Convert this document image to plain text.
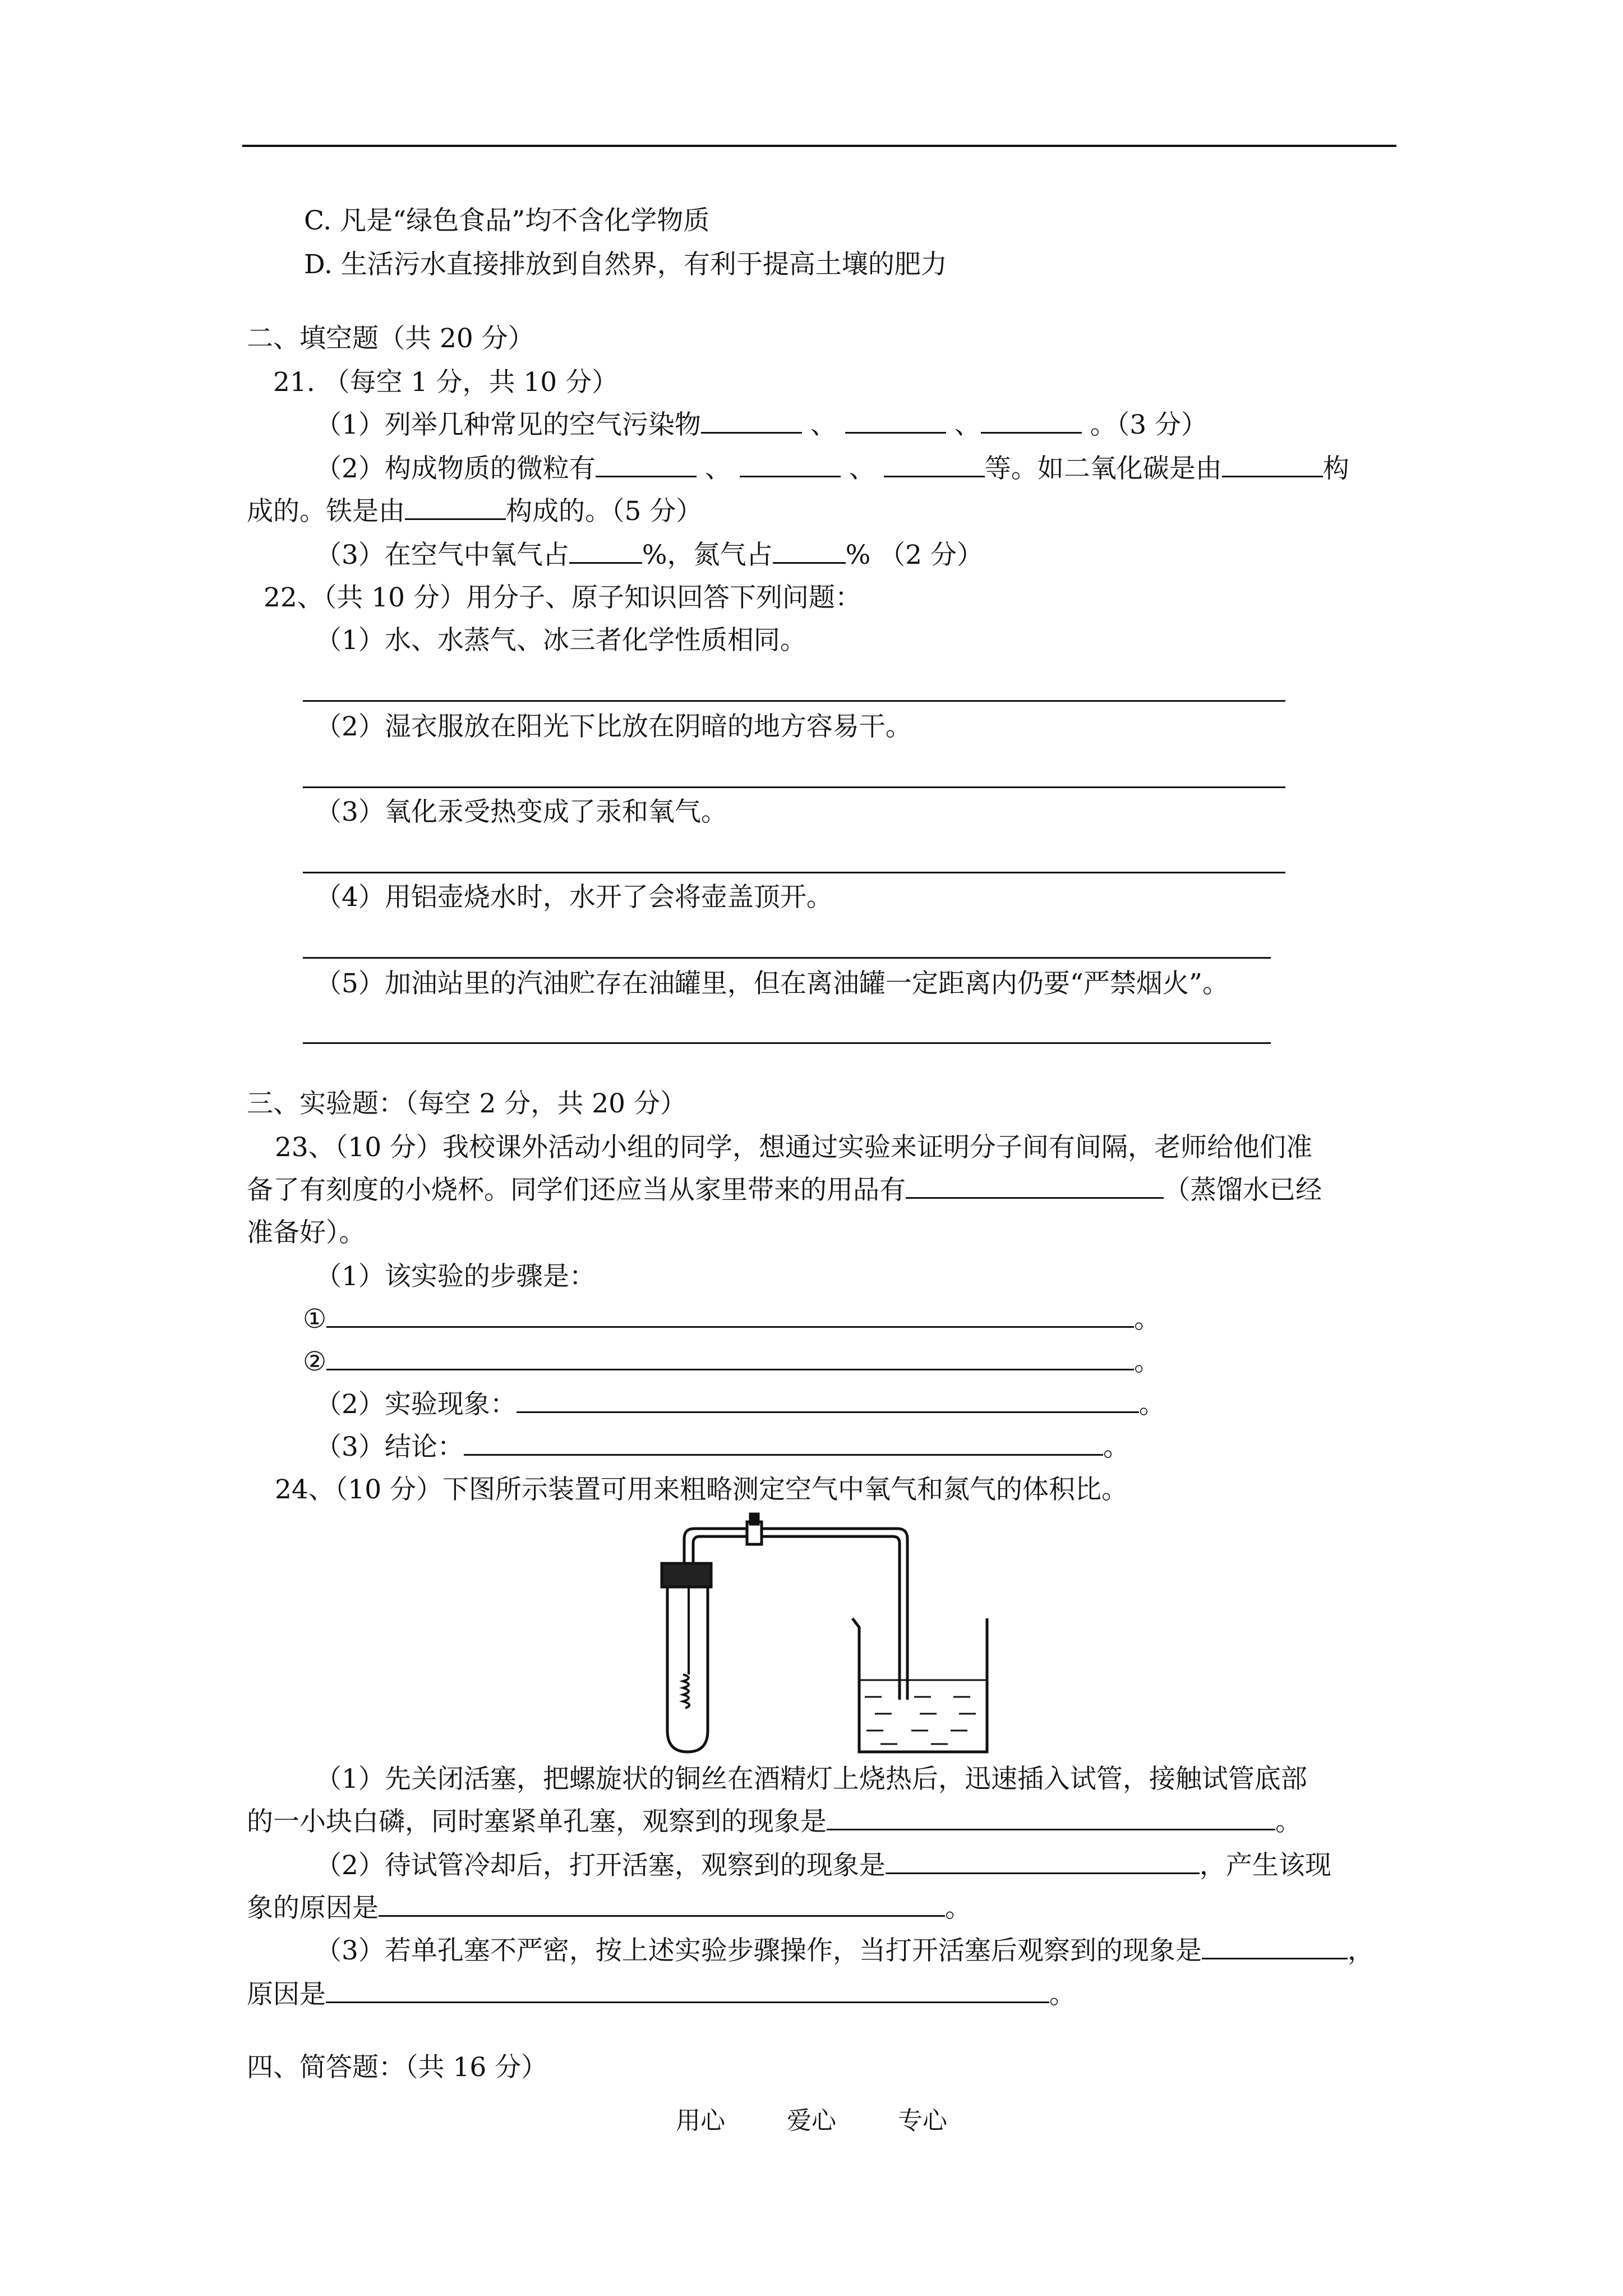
C. 凡是“绿色食品”均不含化学物质
D. 生活污水直接排放到自然界，有利于提高土壤的肥力
二、填空题（共 20 分）
21. （每空 1 分，共 10 分）
（1）列举几种常见的空气污染物	、	、	。（3 分）
（2）构成物质的微粒有	、	、	等。如二氧化碳是由	构
成的。铁是由	构成的。（5 分）
（3）在空气中氧气占	%，氮气占	% （2 分）
22、（共 10 分）用分子、原子知识回答下列问题：
（1）水、水蒸气、冰三者化学性质相同。
（2）湿衣服放在阳光下比放在阴暗的地方容易干。
（3）氧化汞受热变成了汞和氧气。
（4）用铝壶烧水时，水开了会将壶盖顶开。
（5）加油站里的汽油贮存在油罐里，但在离油罐一定距离内仍要“严禁烟火”。
三、实验题：（每空 2 分，共 20 分）
23、（10 分）我校课外活动小组的同学，想通过实验来证明分子间有间隔，老师给他们准
备了有刻度的小烧杯。同学们还应当从家里带来的用品有	（蒸馏水已经
准备好）。
（1）该实验的步骤是：
①	。
②	。
（2）实验现象：	。
（3）结论：	。
24、（10 分）下图所示装置可用来粗略测定空气中氧气和氮气的体积比。
（1）先关闭活塞，把螺旋状的铜丝在酒精灯上烧热后，迅速插入试管，接触试管底部
的一小块白磷，同时塞紧单孔塞，观察到的现象是	。
（2）待试管冷却后，打开活塞，观察到的现象是	，产生该现
象的原因是	。
（3）若单孔塞不严密，按上述实验步骤操作，当打开活塞后观察到的现象是	，
原因是	。
四、简答题：（共 16 分）
用心	爱心	专心
